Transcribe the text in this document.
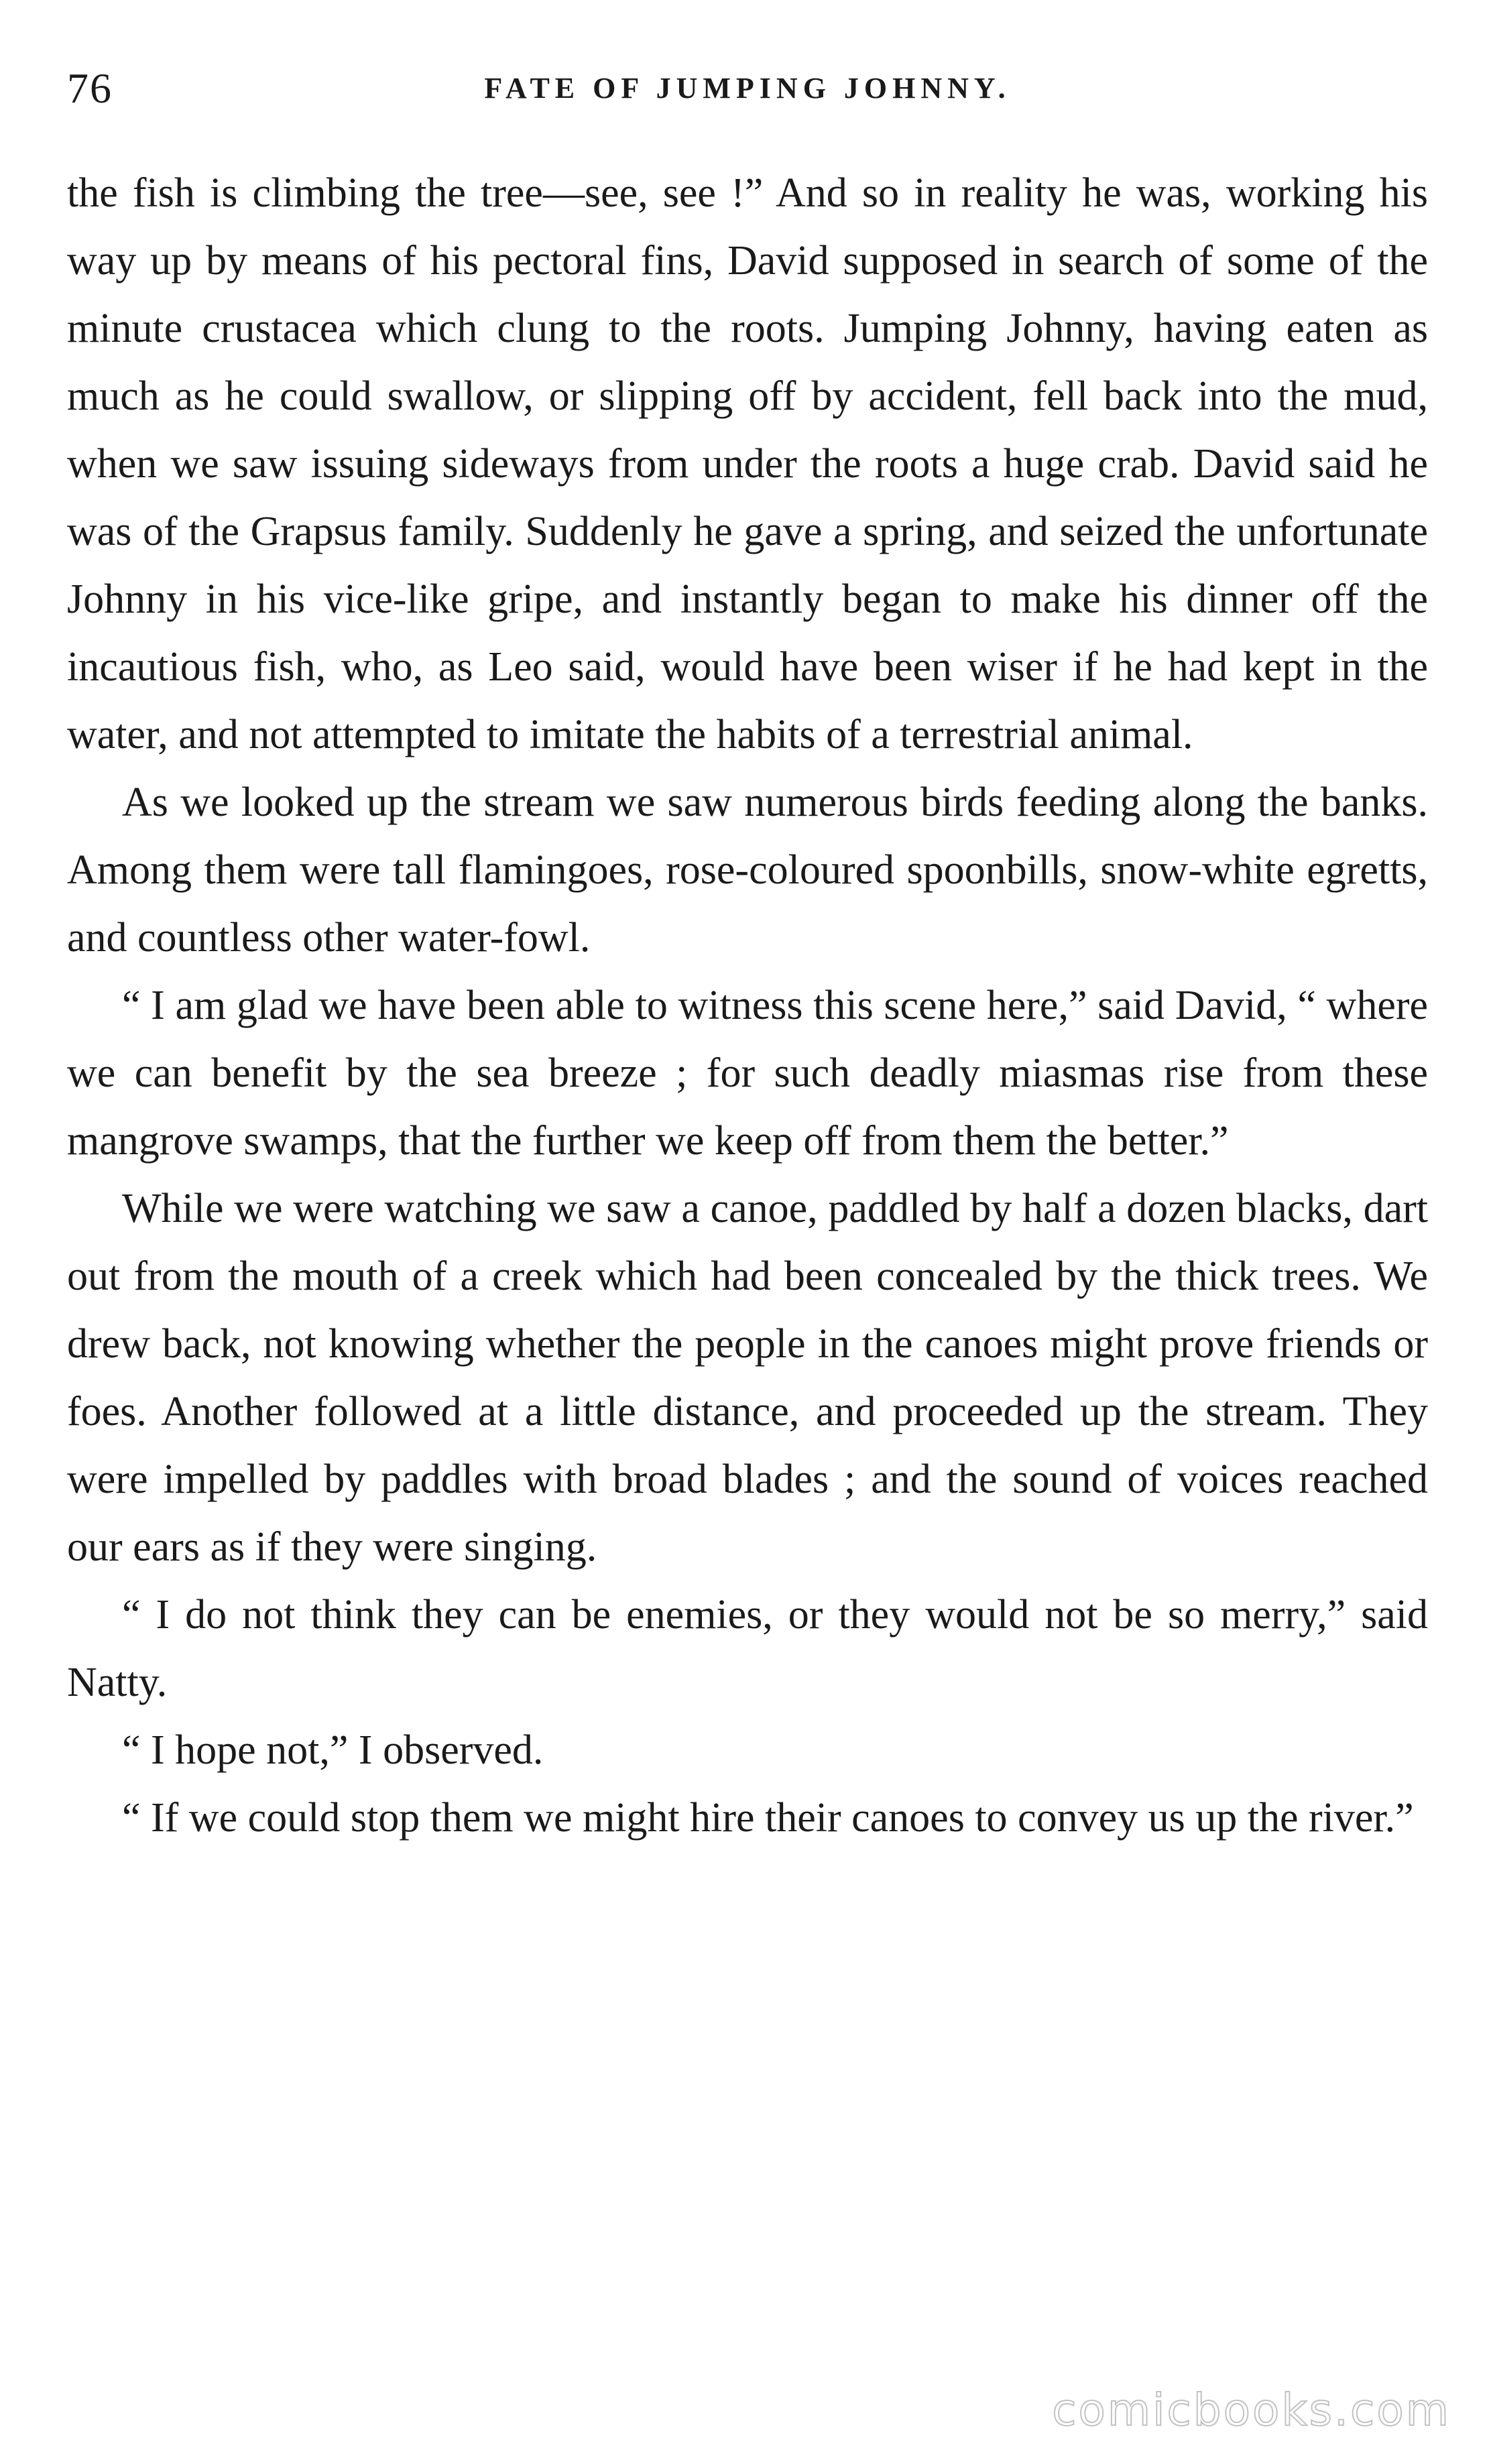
76	FATE OF JUMPING JOHNNY.

the fish is climbing the tree—see, see !” And so in reality he was, working his way up by means of his pectoral fins, David supposed in search of some of the minute crustacea which clung to the roots. Jumping Johnny, having eaten as much as he could swallow, or slipping off by accident, fell back into the mud, when we saw issuing sideways from under the roots a huge crab. David said he was of the Grapsus family. Suddenly he gave a spring, and seized the unfortunate Johnny in his vice-like gripe, and instantly began to make his dinner off the incautious fish, who, as Leo said, would have been wiser if he had kept in the water, and not attempted to imitate the habits of a terrestrial animal.

As we looked up the stream we saw numerous birds feeding along the banks. Among them were tall flamingoes, rose-coloured spoonbills, snow-white egretts, and countless other water-fowl.

“ I am glad we have been able to witness this scene here,” said David, “ where we can benefit by the sea breeze ; for such deadly miasmas rise from these mangrove swamps, that the further we keep off from them the better.”

While we were watching we saw a canoe, paddled by half a dozen blacks, dart out from the mouth of a creek which had been concealed by the thick trees. We drew back, not knowing whether the people in the canoes might prove friends or foes. Another followed at a little distance, and proceeded up the stream. They were impelled by paddles with broad blades ; and the sound of voices reached our ears as if they were singing.

“ I do not think they can be enemies, or they would not be so merry,” said Natty.

“ I hope not,” I observed.

“ If we could stop them we might hire their canoes to convey us up the river.”

comicbooks.com
